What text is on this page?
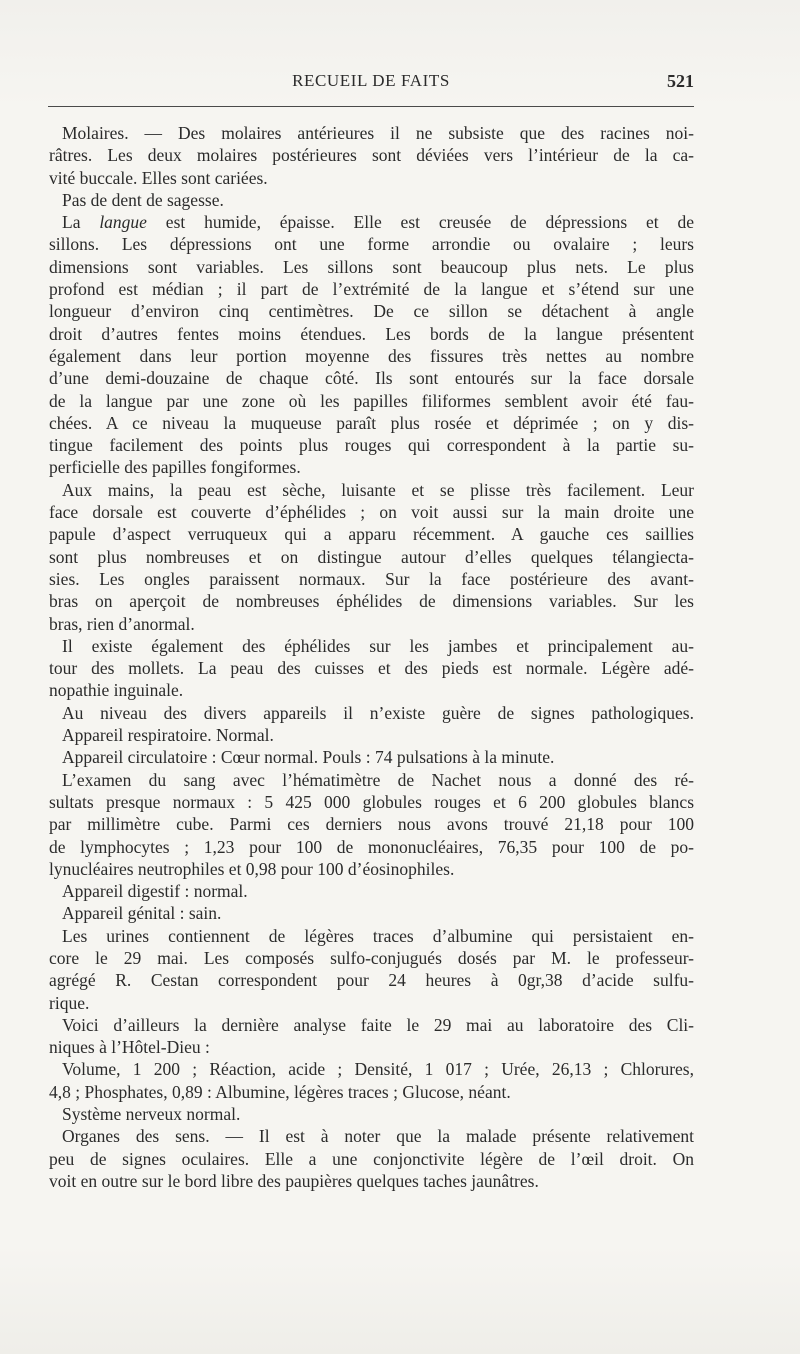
RECUEIL DE FAITS	521
Molaires. — Des molaires antérieures il ne subsiste que des racines noi-
râtres. Les deux molaires postérieures sont déviées vers l’intérieur de la ca-
vité buccale. Elles sont cariées.
Pas de dent de sagesse.
La langue est humide, épaisse. Elle est creusée de dépressions et de
sillons. Les dépressions ont une forme arrondie ou ovalaire ; leurs
dimensions sont variables. Les sillons sont beaucoup plus nets. Le plus
profond est médian ; il part de l’extrémité de la langue et s’étend sur une
longueur d’environ cinq centimètres. De ce sillon se détachent à angle
droit d’autres fentes moins étendues. Les bords de la langue présentent
également dans leur portion moyenne des fissures très nettes au nombre
d’une demi-douzaine de chaque côté. Ils sont entourés sur la face dorsale
de la langue par une zone où les papilles filiformes semblent avoir été fau-
chées. A ce niveau la muqueuse paraît plus rosée et déprimée ; on y dis-
tingue facilement des points plus rouges qui correspondent à la partie su-
perficielle des papilles fongiformes.
Aux mains, la peau est sèche, luisante et se plisse très facilement. Leur
face dorsale est couverte d’éphélides ; on voit aussi sur la main droite une
papule d’aspect verruqueux qui a apparu récemment. A gauche ces saillies
sont plus nombreuses et on distingue autour d’elles quelques télangiecta-
sies. Les ongles paraissent normaux. Sur la face postérieure des avant-
bras on aperçoit de nombreuses éphélides de dimensions variables. Sur les
bras, rien d’anormal.
Il existe également des éphélides sur les jambes et principalement au-
tour des mollets. La peau des cuisses et des pieds est normale. Légère adé-
nopathie inguinale.
Au niveau des divers appareils il n’existe guère de signes pathologiques.
Appareil respiratoire. Normal.
Appareil circulatoire : Cœur normal. Pouls : 74 pulsations à la minute.
L’examen du sang avec l’hématimètre de Nachet nous a donné des ré-
sultats presque normaux : 5 425 000 globules rouges et 6 200 globules blancs
par millimètre cube. Parmi ces derniers nous avons trouvé 21,18 pour 100
de lymphocytes ; 1,23 pour 100 de mononucléaires, 76,35 pour 100 de po-
lynucléaires neutrophiles et 0,98 pour 100 d’éosinophiles.
Appareil digestif : normal.
Appareil génital : sain.
Les urines contiennent de légères traces d’albumine qui persistaient en-
core le 29 mai. Les composés sulfo-conjugués dosés par M. le professeur-
agrégé R. Cestan correspondent pour 24 heures à 0gr,38 d’acide sulfu-
rique.
Voici d’ailleurs la dernière analyse faite le 29 mai au laboratoire des Cli-
niques à l’Hôtel-Dieu :
Volume, 1 200 ; Réaction, acide ; Densité, 1 017 ; Urée, 26,13 ; Chlorures,
4,8 ; Phosphates, 0,89 : Albumine, légères traces ; Glucose, néant.
Système nerveux normal.
Organes des sens. — Il est à noter que la malade présente relativement
peu de signes oculaires. Elle a une conjonctivite légère de l’œil droit. On
voit en outre sur le bord libre des paupières quelques taches jaunâtres.
